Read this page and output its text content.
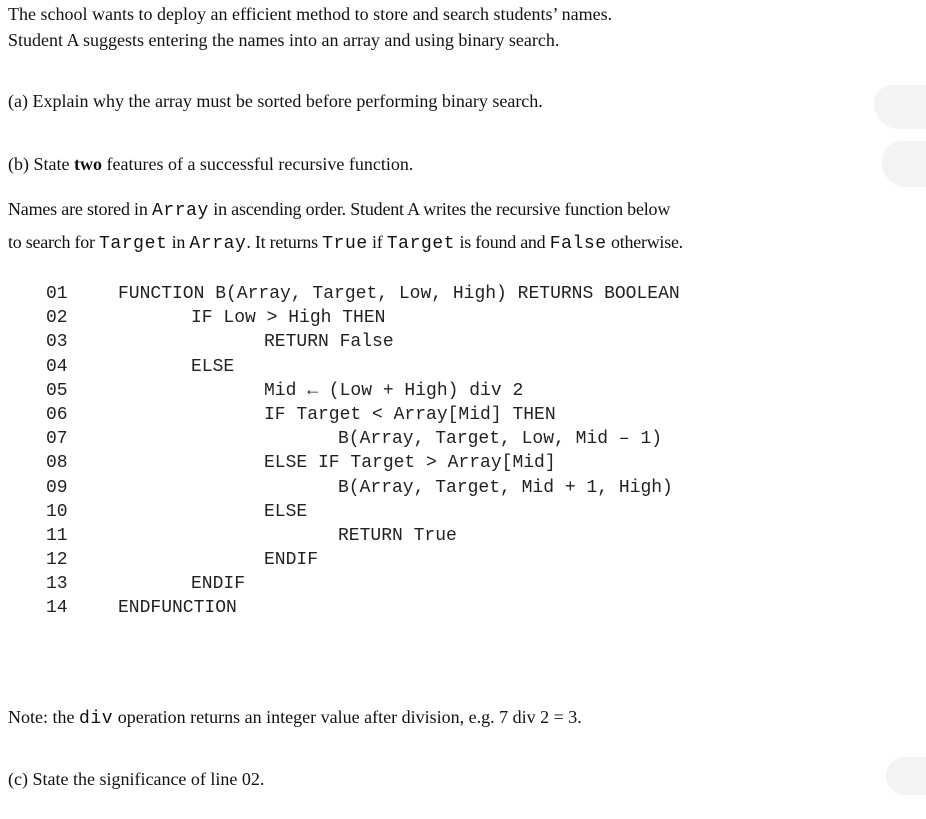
The school wants to deploy an efficient method to store and search students’ names.
Student A suggests entering the names into an array and using binary search.
(a) Explain why the array must be sorted before performing binary search.
(b) State two features of a successful recursive function.
Names are stored in Array in ascending order. Student A writes the recursive function below
to search for Target in Array. It returns True if Target is found and False otherwise.
01	FUNCTION B(Array, Target, Low, High) RETURNS BOOLEAN
02	IF Low > High THEN
03	RETURN False
04	ELSE
05	Mid ← (Low + High) div 2
06	IF Target < Array[Mid] THEN
07	B(Array, Target, Low, Mid – 1)
08	ELSE IF Target > Array[Mid]
09	B(Array, Target, Mid + 1, High)
10	ELSE
11	RETURN True
12	ENDIF
13	ENDIF
14	ENDFUNCTION
Note: the div operation returns an integer value after division, e.g. 7 div 2 = 3.
(c) State the significance of line 02.
